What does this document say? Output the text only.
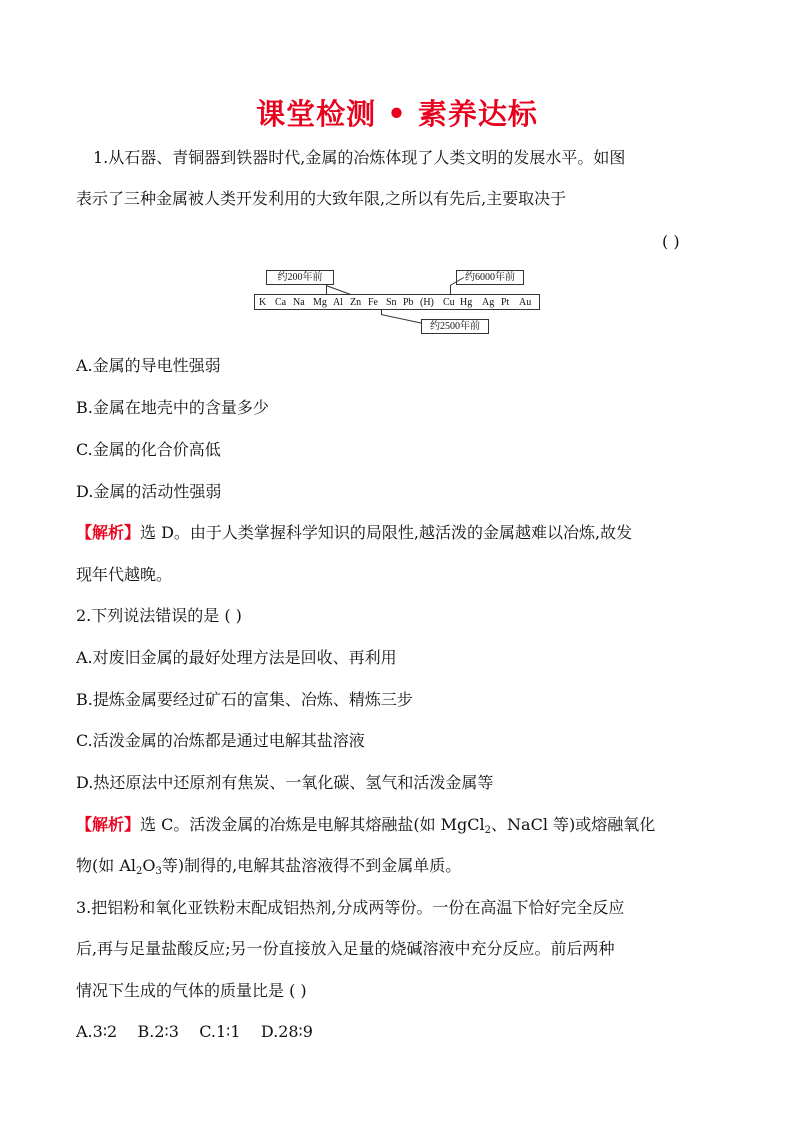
课堂检测 • 素养达标
1.从石器、青铜器到铁器时代,金属的冶炼体现了人类文明的发展水平。如图
表示了三种金属被人类开发利用的大致年限,之所以有先后,主要取决于
( )
约200年前	约6000年前
约2500年前
K Ca Na Mg Al Zn Fe Sn Pb (H) Cu Hg Ag Pt Au
A.金属的导电性强弱
B.金属在地壳中的含量多少
C.金属的化合价高低
D.金属的活动性强弱
【解析】选 D。由于人类掌握科学知识的局限性,越活泼的金属越难以冶炼,故发
现年代越晚。
2.下列说法错误的是 ( )
A.对废旧金属的最好处理方法是回收、再利用
B.提炼金属要经过矿石的富集、冶炼、精炼三步
C.活泼金属的冶炼都是通过电解其盐溶液
D.热还原法中还原剂有焦炭、一氧化碳、氢气和活泼金属等
【解析】选 C。活泼金属的冶炼是电解其熔融盐(如 MgCl$_2$、NaCl 等)或熔融氧化
物(如 $Al_2O_3$等)制得的,电解其盐溶液得不到金属单质。
3.把铝粉和氧化亚铁粉末配成铝热剂,分成两等份。一份在高温下恰好完全反应
后,再与足量盐酸反应;另一份直接放入足量的烧碱溶液中充分反应。前后两种
情况下生成的气体的质量比是 ( )
A.3∶2    B.2∶3    C.1∶1    D.28∶9
